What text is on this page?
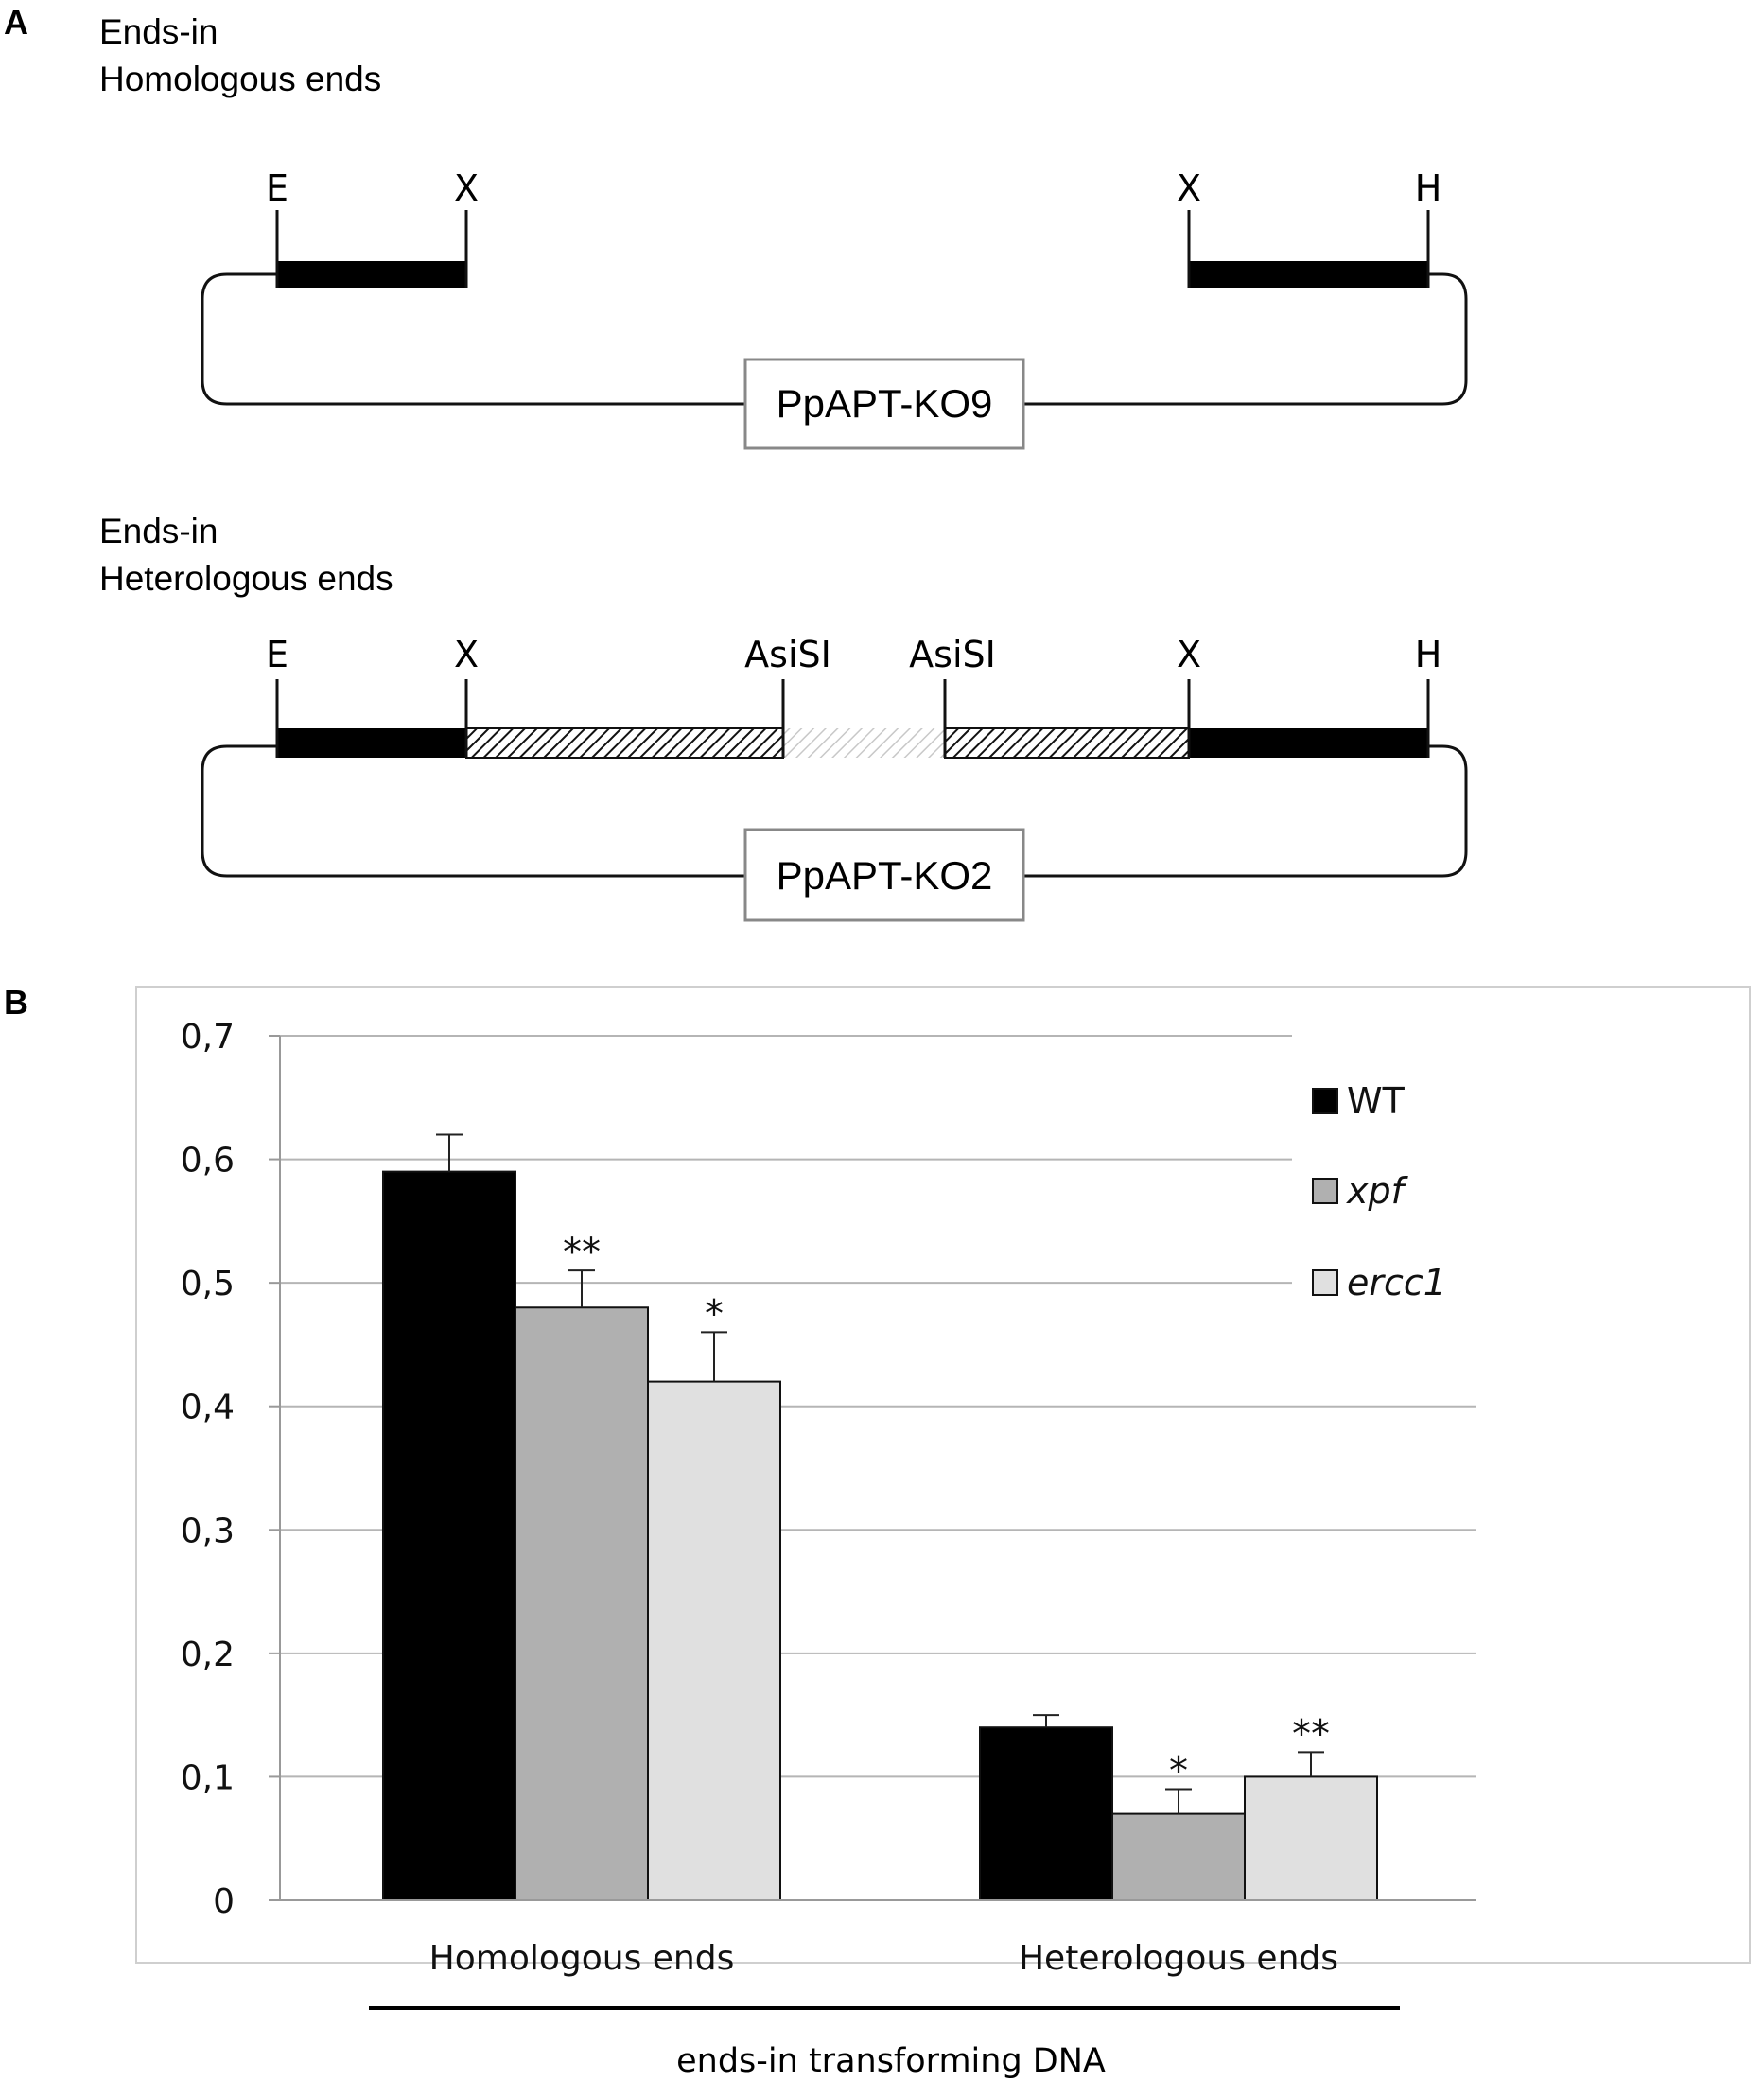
A Ends-in
Homologous ends
E	X	X	H
PpAPT-KO9
Ends-in
Heterologous ends
E	X	AsiSI AsiSI	X	H
PpAPT-KO2
B
**
*
*
**
0
0,1
0,2
0,3
0,4
0,5
0,6
0,7
Homologous ends	Heterologous ends
WT
xpf
ercc1
ends-in transforming DNA
